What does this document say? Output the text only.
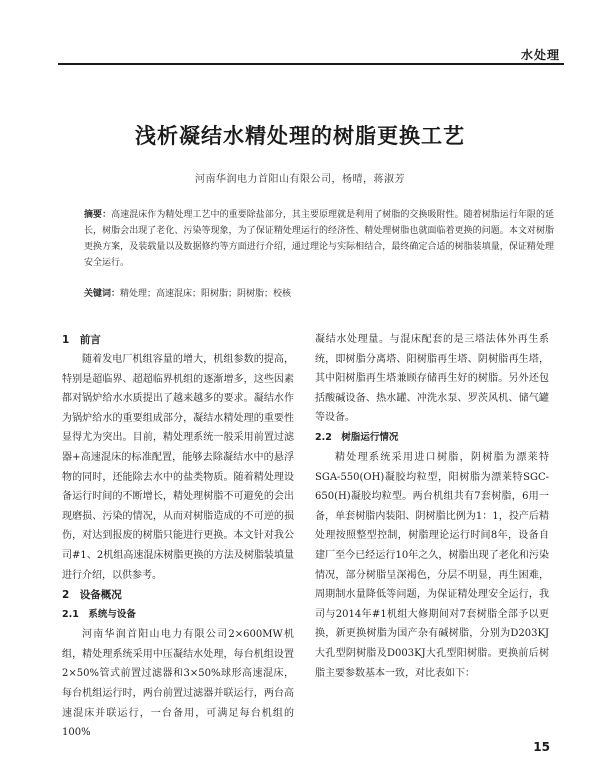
水处理
浅析凝结水精处理的树脂更换工艺
河南华润电力首阳山有限公司，杨晴，蒋淑芳
摘要：高速混床作为精处理工艺中的重要除盐部分，其主要原理就是利用了树脂的交换吸附性。随着树脂运行年限的延长，树脂会出现了老化、污染等现象，为了保证精处理运行的经济性、精处理树脂也就面临着更换的问题。本文对树脂更换方案，及装载量以及数据修约等方面进行介绍，通过理论与实际相结合，最终确定合适的树脂装填量，保证精处理安全运行。
关键词：精处理；高速混床；阳树脂；阴树脂；校核
1　前言

随着发电厂机组容量的增大，机组参数的提高，特别是超临界、超超临界机组的逐渐增多，这些因素都对锅炉给水水质提出了越来越多的要求。凝结水作为锅炉给水的重要组成部分，凝结水精处理的重要性显得尤为突出。目前，精处理系统一般采用前置过滤器+高速混床的标准配置，能够去除凝结水中的悬浮物的同时，还能除去水中的盐类物质。随着精处理设备运行时间的不断增长，精处理树脂不可避免的会出现磨损、污染的情况，从而对树脂造成的不可逆的损伤，对达到报废的树脂只能进行更换。本文针对我公司#1、2机组高速混床树脂更换的方法及树脂装填量进行介绍，以供参考。

2　设备概况
2.1　系统与设备

河南华润首阳山电力有限公司2×600MW机组，精处理系统采用中压凝结水处理，每台机组设置2×50%管式前置过滤器和3×50%球形高速混床，每台机组运行时，两台前置过滤器并联运行，两台高速混床并联运行，一台备用，可满足每台机组的100%

凝结水处理量。与混床配套的是三塔法体外再生系统，即树脂分离塔、阳树脂再生塔、阴树脂再生塔，其中阳树脂再生塔兼顾存储再生好的树脂。另外还包括酸碱设备、热水罐、冲洗水泵、罗茨风机、储气罐等设备。

2.2　树脂运行情况

精处理系统采用进口树脂，阴树脂为漂莱特SGA-550(OH)凝胶均粒型，阳树脂为漂莱特SGC-650(H)凝胶均粒型。两台机组共有7套树脂，6用一备，单套树脂内装阳、阴树脂比例为1：1，投产后精处理按照整型控制，树脂理论运行时间8年，设备自建厂至今已经运行10年之久，树脂出现了老化和污染情况，部分树脂呈深褐色，分层不明显，再生困难，周期制水量降低等问题，为保证精处理安全运行，我司与2014年#1机组大修期间对7套树脂全部予以更换，新更换树脂为国产杂有碱树脂，分别为D203KJ大孔型阴树脂及D003KJ大孔型阳树脂。更换前后树脂主要参数基本一致，对比表如下：

15
